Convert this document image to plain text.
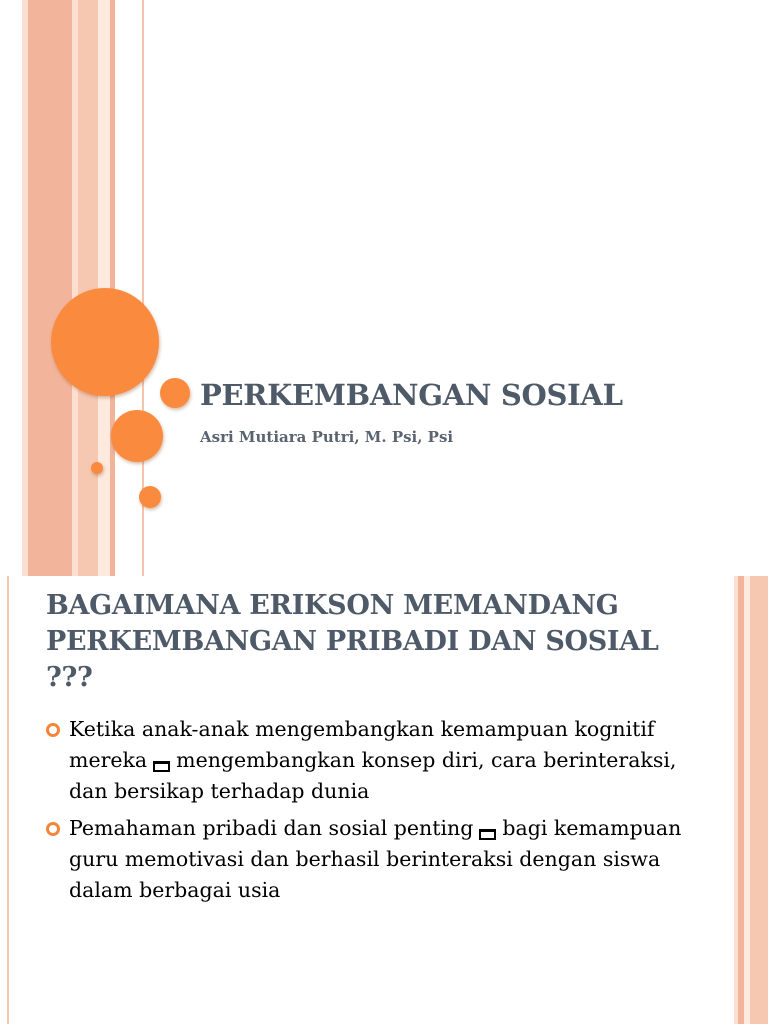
PERKEMBANGAN SOSIAL

Asri Mutiara Putri, M. Psi, Psi

BAGAIMANA ERIKSON MEMANDANG PERKEMBANGAN PRIBADI DAN SOSIAL ???
Ketika anak-anak mengembangkan kemampuan kognitif mereka mengembangkan konsep diri, cara berinteraksi, dan bersikap terhadap dunia
Pemahaman pribadi dan sosial penting bagi kemampuan guru memotivasi dan berhasil berinteraksi dengan siswa dalam berbagai usia
